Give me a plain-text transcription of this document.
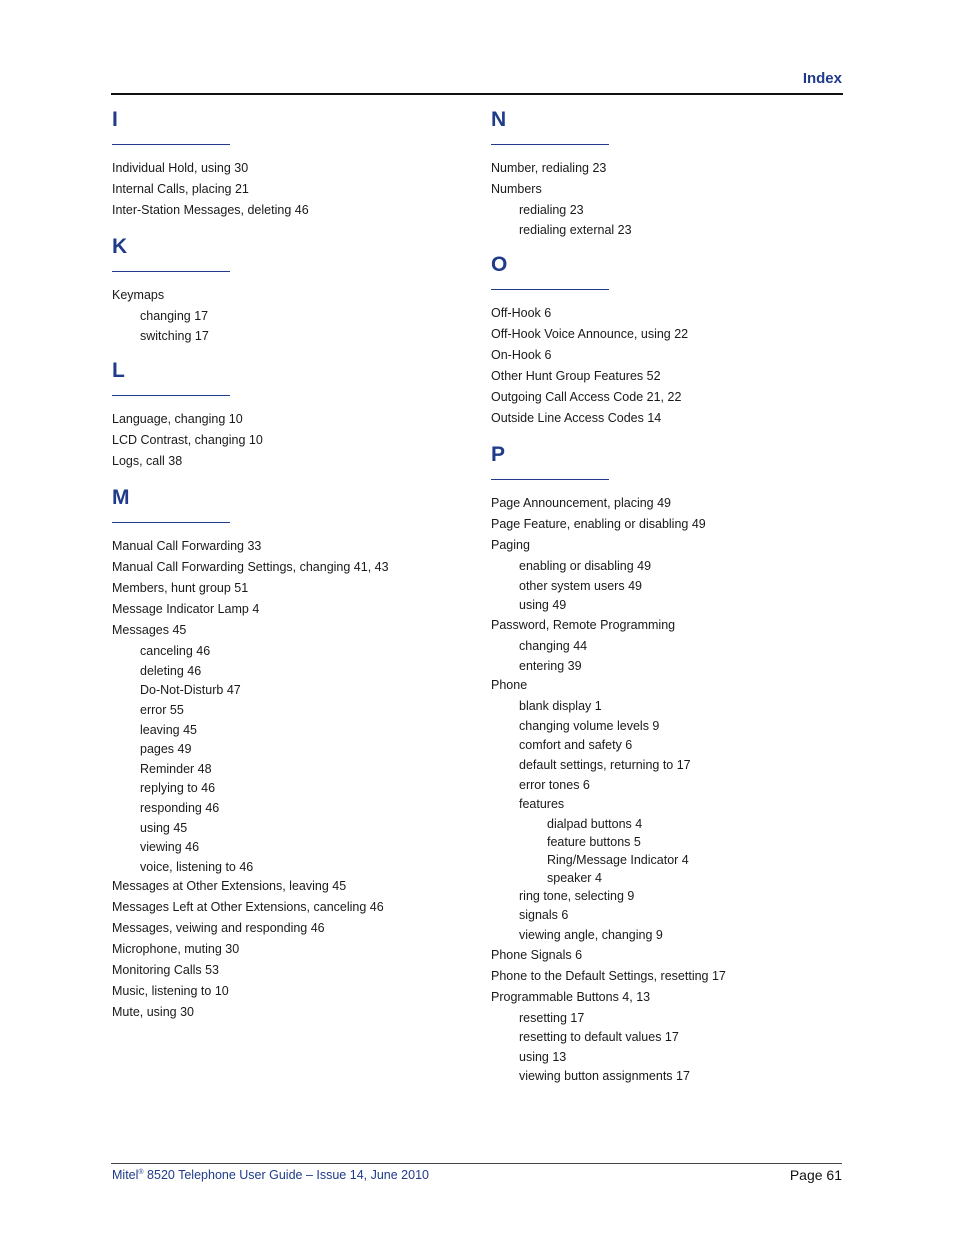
Index
I
Individual Hold, using 30
Internal Calls, placing 21
Inter-Station Messages, deleting 46
K
Keymaps
changing 17
switching 17
L
Language, changing 10
LCD Contrast, changing 10
Logs, call 38
M
Manual Call Forwarding 33
Manual Call Forwarding Settings, changing 41, 43
Members, hunt group 51
Message Indicator Lamp 4
Messages 45
canceling 46
deleting 46
Do-Not-Disturb 47
error 55
leaving 45
pages 49
Reminder 48
replying to 46
responding 46
using 45
viewing 46
voice, listening to 46
Messages at Other Extensions, leaving 45
Messages Left at Other Extensions, canceling 46
Messages, veiwing and responding 46
Microphone, muting 30
Monitoring Calls 53
Music, listening to 10
Mute, using 30
N
Number, redialing 23
Numbers
redialing 23
redialing external 23
O
Off-Hook 6
Off-Hook Voice Announce, using 22
On-Hook 6
Other Hunt Group Features 52
Outgoing Call Access Code 21, 22
Outside Line Access Codes 14
P
Page Announcement, placing 49
Page Feature, enabling or disabling 49
Paging
enabling or disabling 49
other system users 49
using 49
Password, Remote Programming
changing 44
entering 39
Phone
blank display 1
changing volume levels 9
comfort and safety 6
default settings, returning to 17
error tones 6
features
dialpad buttons 4
feature buttons 5
Ring/Message Indicator 4
speaker 4
ring tone, selecting 9
signals 6
viewing angle, changing 9
Phone Signals 6
Phone to the Default Settings, resetting 17
Programmable Buttons 4, 13
resetting 17
resetting to default values 17
using 13
viewing button assignments 17
Mitel® 8520 Telephone User Guide – Issue 14, June 2010	Page 61
